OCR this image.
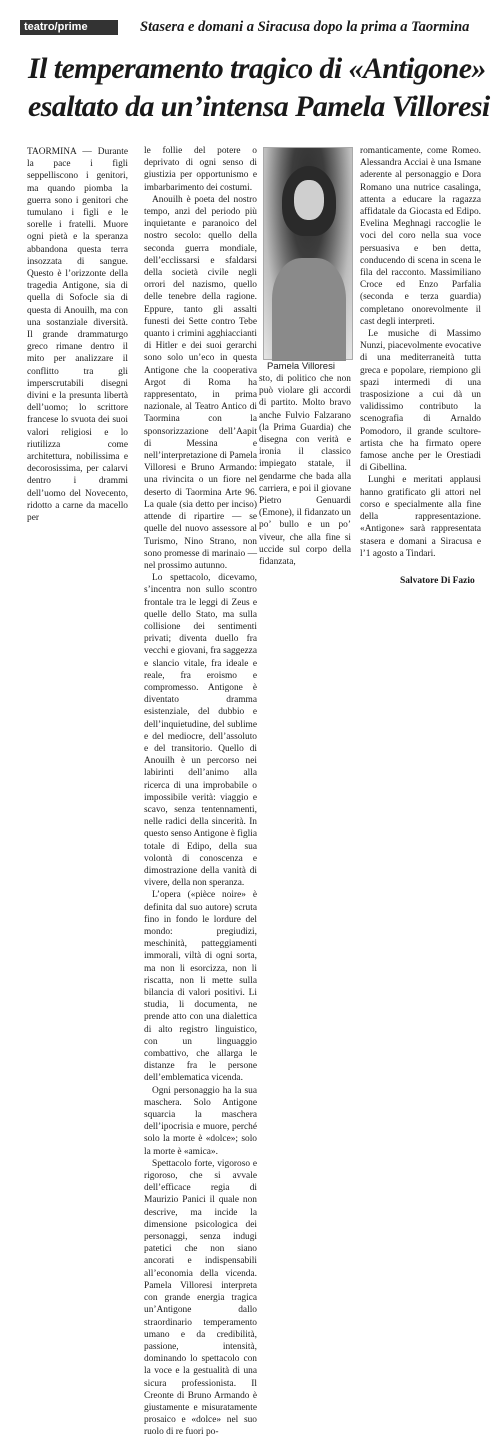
teatro/prime	Stasera e domani a Siracusa dopo la prima a Taormina
Il temperamento tragico di «Antigone»
esaltato da un’intensa Pamela Villoresi

TAORMINA — Durante la pace i figli seppelliscono i genitori, ma quando piomba la guerra sono i genitori che tumulano i figli e le sorelle i fratelli. Muore ogni pietà e la speranza abbandona questa terra insozzata di sangue. Questo è l’orizzonte della tragedia Antigone, sia di quella di Sofocle sia di questa di Anouilh, ma con una sostanziale diversità. Il grande drammaturgo greco rimane dentro il mito per analizzare il conflitto tra gli imperscrutabili disegni divini e la presunta libertà dell’uomo; lo scrittore francese lo svuota dei suoi valori religiosi e lo riutilizza come architettura, nobilissima e decorosissima, per calarvi dentro i drammi dell’uomo del Novecento, ridotto a carne da macello per

le follie del potere o deprivato di ogni senso di giustizia per opportunismo e imbarbarimento dei costumi.

Anouilh è poeta del nostro tempo, anzi del periodo più inquietante e paranoico del nostro secolo: quello della seconda guerra mondiale, dell’ecclissarsi e sfaldarsi della società civile negli orrori del nazismo, quello delle tenebre della ragione. Eppure, tanto gli assalti funesti dei Sette contro Tebe quanto i crimini agghiaccianti di Hitler e dei suoi gerarchi sono solo un’eco in questa Antigone che la cooperativa Argot di Roma ha rappresentato, in prima nazionale, al Teatro Antico di Taormina con la sponsorizzazione dell’Aapit di Messina e nell’interpretazione di Pamela Villoresi e Bruno Armando: una rivincita o un fiore nel deserto di Taormina Arte 96. La quale (sia detto per inciso) attende di ripartire — se quelle del nuovo assessore al Turismo, Nino Strano, non sono promesse di marinaio — nel prossimo autunno.

Lo spettacolo, dicevamo, s’incentra non sullo scontro frontale tra le leggi di Zeus e quelle dello Stato, ma sulla collisione dei sentimenti privati; diventa duello fra vecchi e giovani, fra saggezza e slancio vitale, fra ideale e reale, fra eroismo e compromesso. Antigone è diventato dramma esistenziale, del dubbio e dell’inquietudine, del sublime e del mediocre, dell’assoluto e del transitorio. Quello di Anouilh è un percorso nei labirinti dell’animo alla ricerca di una improbabile o impossibile verità: viaggio e scavo, senza tentennamenti, nelle radici della sincerità. In questo senso Antigone è figlia totale di Edipo, della sua volontà di conoscenza e dimostrazione della vanità di vivere, della non speranza.

L’opera («pièce noire» è definita dal suo autore) scruta fino in fondo le lordure del mondo: pregiudizi, meschinità, patteggiamenti immorali, viltà di ogni sorta, ma non li esorcizza, non li riscatta, non li mette sulla bilancia di valori positivi. Li studia, li documenta, ne prende atto con una dialettica di alto registro linguistico, con un linguaggio combattivo, che allarga le distanze fra le persone dell’emblematica vicenda.

Ogni personaggio ha la sua maschera. Solo Antigone squarcia la maschera dell’ipocrisia e muore, perché solo la morte è «dolce»; solo la morte è «amica».

Spettacolo forte, vigoroso e rigoroso, che si avvale dell’efficace regia di Maurizio Panici il quale non descrive, ma incide la dimensione psicologica dei personaggi, senza indugi patetici che non siano ancorati e indispensabili all’economia della vicenda. Pamela Villoresi interpreta con grande energia tragica un’Antigone dallo straordinario temperamento umano e da credibilità, passione, intensità, dominando lo spettacolo con la voce e la gestualità di una sicura professionista. Il Creonte di Bruno Armando è giustamente e misuratamente prosaico e «dolce» nel suo ruolo di re fuori po-

Pamela Villoresi

sto, di politico che non può violare gli accordi di partito. Molto bravo anche Fulvio Falzarano (la Prima Guardia) che disegna con verità e ironia il classico impiegato statale, il gendarme che bada alla carriera, e poi il giovane Pietro Genuardi (Emone), il fidanzato un po’ bullo e un po’ viveur, che alla fine si uccide sul corpo della fidanzata,

romanticamente, come Romeo. Alessandra Acciai è una Ismane aderente al personaggio e Dora Romano una nutrice casalinga, attenta a educare la ragazza affidatale da Giocasta ed Edipo. Evelina Meghnagi raccoglie le voci del coro nella sua voce persuasiva e ben detta, conducendo di scena in scena le fila del racconto. Massimiliano Croce ed Enzo Parfalia (seconda e terza guardia) completano onorevolmente il cast degli interpreti.

Le musiche di Massimo Nunzi, piacevolmente evocative di una mediterraneità tutta greca e popolare, riempiono gli spazi intermedi di una trasposizione a cui dà un validissimo contributo la scenografia di Arnaldo Pomodoro, il grande scultore-artista che ha firmato opere famose anche per le Orestiadi di Gibellina.

Lunghi e meritati applausi hanno gratificato gli attori nel corso e specialmente alla fine della rappresentazione. «Antigone» sarà rappresentata stasera e domani a Siracusa e l’1 agosto a Tindari.

Salvatore Di Fazio
